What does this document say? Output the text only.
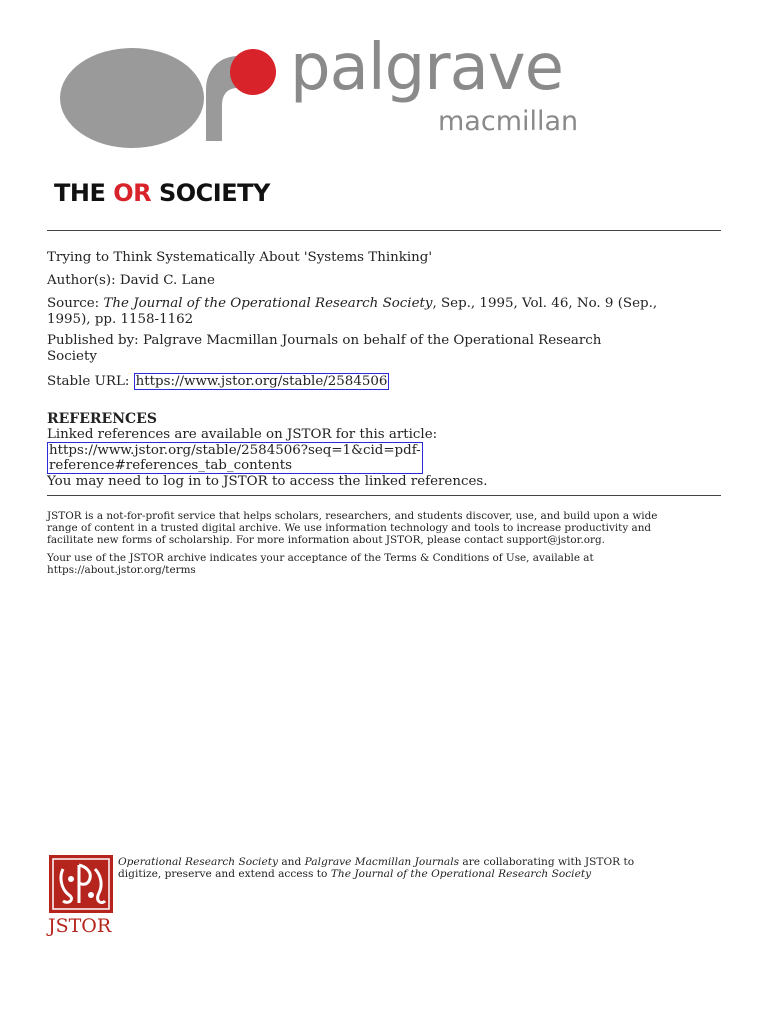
palgrave
macmillan
THE OR SOCIETY
Trying to Think Systematically About 'Systems Thinking'
Author(s): David C. Lane
Source: The Journal of the Operational Research Society, Sep., 1995, Vol. 46, No. 9 (Sep.,
1995), pp. 1158-1162
Published by: Palgrave Macmillan Journals on behalf of the Operational Research
Society
Stable URL: https://www.jstor.org/stable/2584506
REFERENCES
Linked references are available on JSTOR for this article:
https://www.jstor.org/stable/2584506?seq=1&cid=pdf-
reference#references_tab_contents
You may need to log in to JSTOR to access the linked references.
JSTOR is a not-for-profit service that helps scholars, researchers, and students discover, use, and build upon a wide
range of content in a trusted digital archive. We use information technology and tools to increase productivity and
facilitate new forms of scholarship. For more information about JSTOR, please contact support@jstor.org.
Your use of the JSTOR archive indicates your acceptance of the Terms & Conditions of Use, available at
https://about.jstor.org/terms
JSTOR
Operational Research Society and Palgrave Macmillan Journals are collaborating with JSTOR to
digitize, preserve and extend access to The Journal of the Operational Research Society
